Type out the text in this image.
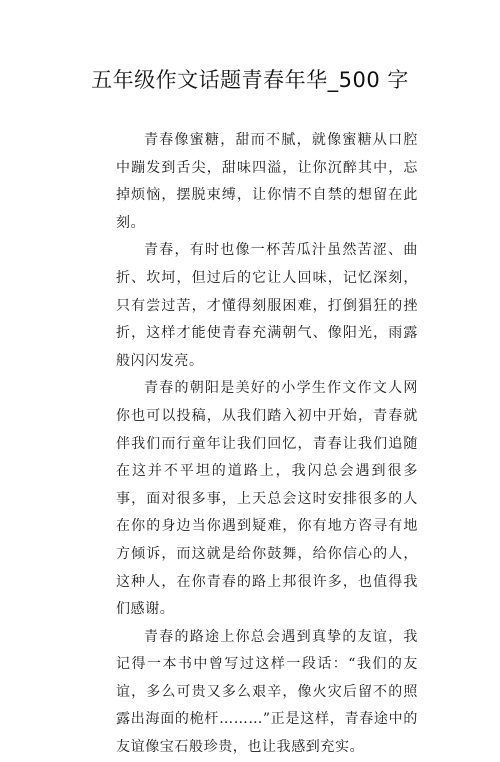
五年级作文话题青春年华_500 字

青春像蜜糖，甜而不腻，就像蜜糖从口腔中蹦发到舌尖，甜味四溢，让你沉醉其中，忘掉烦恼，摆脱束缚，让你情不自禁的想留在此刻。

青春，有时也像一杯苦瓜汁虽然苦涩、曲折、坎坷，但过后的它让人回味，记忆深刻，只有尝过苦，才懂得刻服困难，打倒猖狂的挫折，这样才能使青春充满朝气、像阳光，雨露般闪闪发亮。

青春的朝阳是美好的小学生作文作文人网你也可以投稿，从我们踏入初中开始，青春就伴我们而行童年让我们回忆，青春让我们追随在这并不平坦的道路上，我闪总会遇到很多事，面对很多事，上天总会这时安排很多的人在你的身边当你遇到疑难，你有地方咨寻有地方倾诉，而这就是给你鼓舞，给你信心的人，这种人，在你青春的路上邦很许多，也值得我们感谢。

青春的路途上你总会遇到真挚的友谊，我记得一本书中曾写过这样一段话：“我们的友谊，多么可贵又多么艰辛，像火灾后留不的照露出海面的桅杆………”正是这样，青春途中的友谊像宝石般珍贵，也让我感到充实。
